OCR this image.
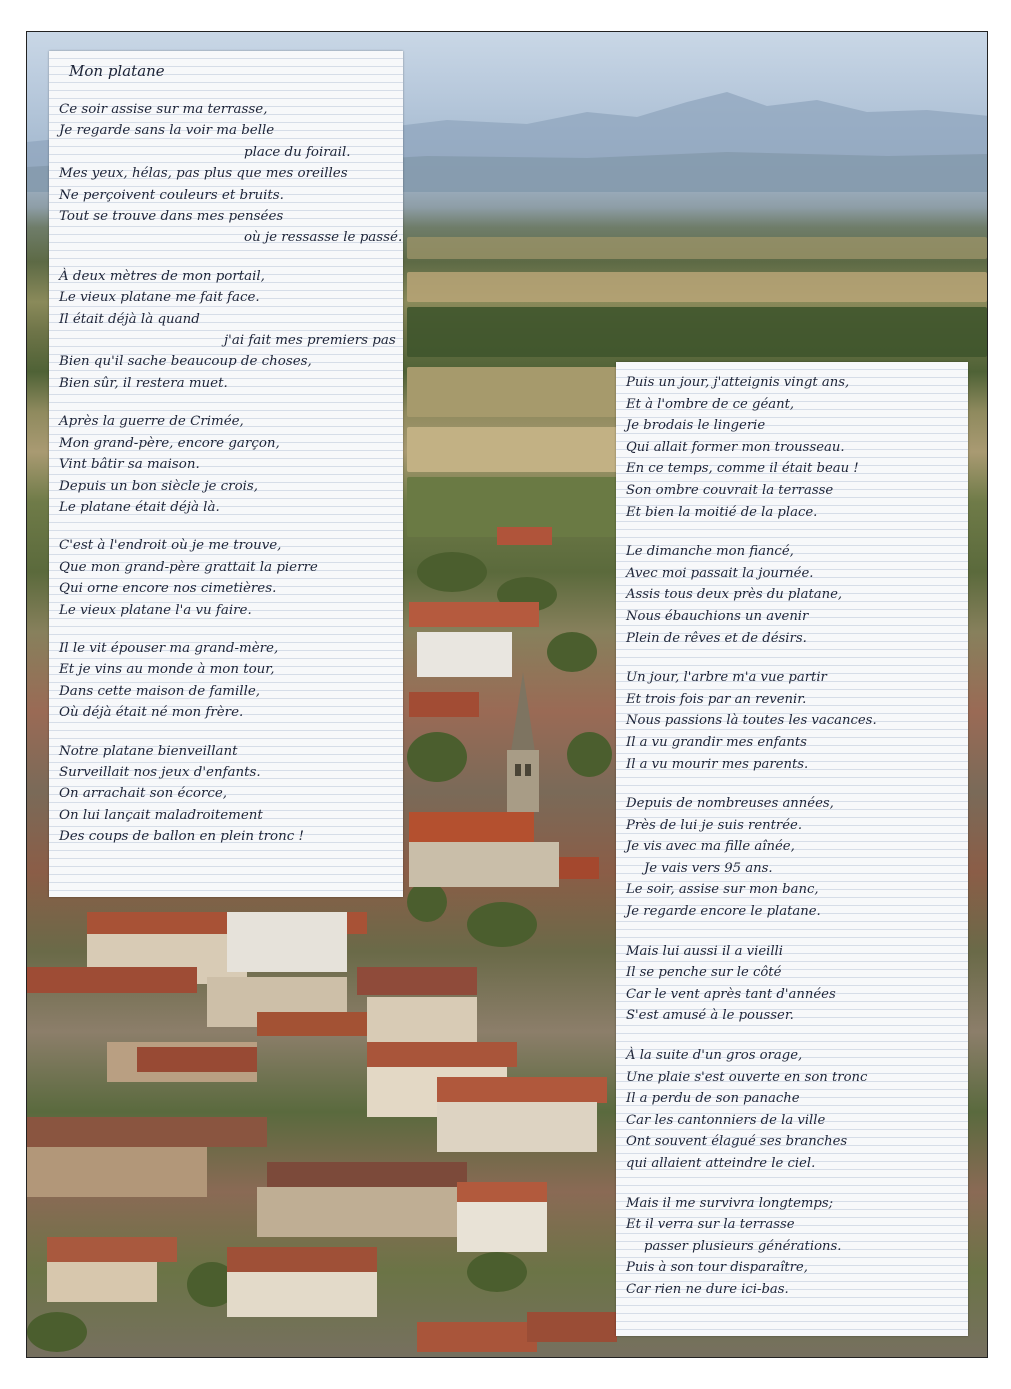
Mon platane
Ce soir assise sur ma terrasse,
Je regarde sans la voir ma belle
place du foirail.
Mes yeux, hélas, pas plus que mes oreilles
Ne perçoivent couleurs et bruits.
Tout se trouve dans mes pensées
où je ressasse le passé.
À deux mètres de mon portail,
Le vieux platane me fait face.
Il était déjà là quand
j'ai fait mes premiers pas
Bien qu'il sache beaucoup de choses,
Bien sûr, il restera muet.
Après la guerre de Crimée,
Mon grand-père, encore garçon,
Vint bâtir sa maison.
Depuis un bon siècle je crois,
Le platane était déjà là.
C'est à l'endroit où je me trouve,
Que mon grand-père grattait la pierre
Qui orne encore nos cimetières.
Le vieux platane l'a vu faire.
Il le vit épouser ma grand-mère,
Et je vins au monde à mon tour,
Dans cette maison de famille,
Où déjà était né mon frère.
Notre platane bienveillant
Surveillait nos jeux d'enfants.
On arrachait son écorce,
On lui lançait maladroitement
Des coups de ballon en plein tronc !
Puis un jour, j'atteignis vingt ans,
Et à l'ombre de ce géant,
Je brodais le lingerie
Qui allait former mon trousseau.
En ce temps, comme il était beau !
Son ombre couvrait la terrasse
Et bien la moitié de la place.
Le dimanche mon fiancé,
Avec moi passait la journée.
Assis tous deux près du platane,
Nous ébauchions un avenir
Plein de rêves et de désirs.
Un jour, l'arbre m'a vue partir
Et trois fois par an revenir.
Nous passions là toutes les vacances.
Il a vu grandir mes enfants
Il a vu mourir mes parents.
Depuis de nombreuses années,
Près de lui je suis rentrée.
Je vis avec ma fille aînée,
Je vais vers 95 ans.
Le soir, assise sur mon banc,
Je regarde encore le platane.
Mais lui aussi il a vieilli
Il se penche sur le côté
Car le vent après tant d'années
S'est amusé à le pousser.
À la suite d'un gros orage,
Une plaie s'est ouverte en son tronc
Il a perdu de son panache
Car les cantonniers de la ville
Ont souvent élagué ses branches
qui allaient atteindre le ciel.
Mais il me survivra longtemps;
Et il verra sur la terrasse
passer plusieurs générations.
Puis à son tour disparaître,
Car rien ne dure ici-bas.
